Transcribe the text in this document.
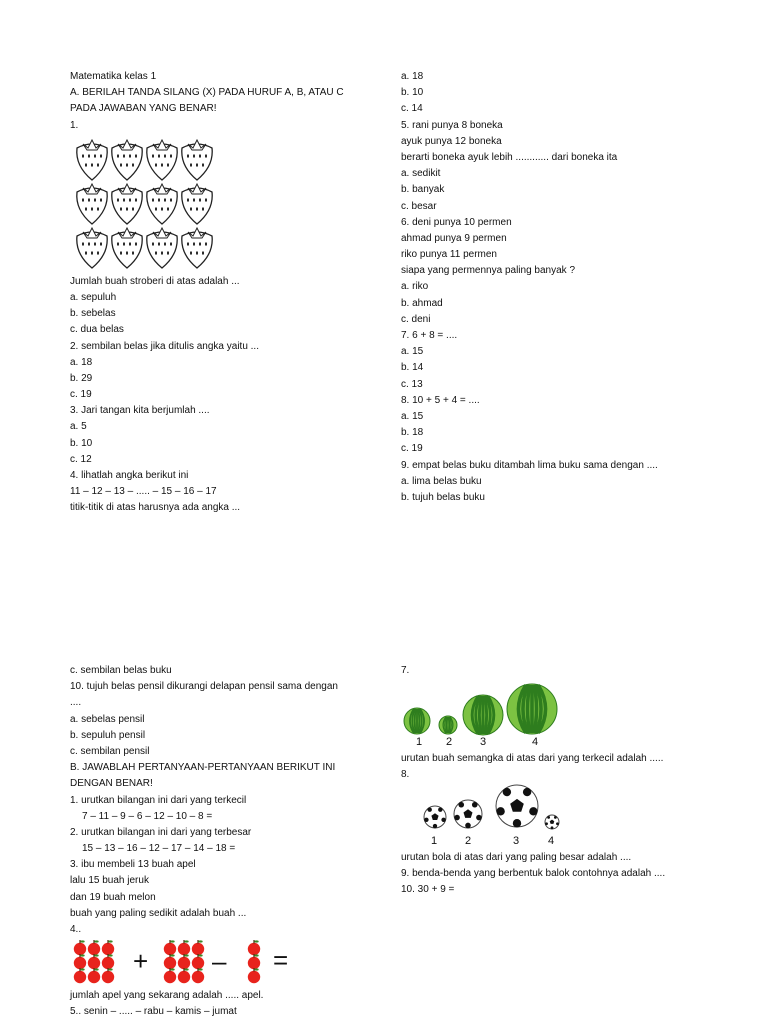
Matematika kelas 1
A. BERILAH TANDA SILANG (X) PADA HURUF A, B, ATAU C
PADA JAWABAN YANG BENAR!
1.
Jumlah buah stroberi di atas adalah ...
a. sepuluh
b. sebelas
c. dua belas
2. sembilan belas jika ditulis angka yaitu ...
a. 18
b. 29
c. 19
3. Jari tangan kita berjumlah ....
a. 5
b. 10
c. 12
4. lihatlah angka berikut ini
11 – 12 – 13 – ..... – 15 – 16 – 17
titik-titik di atas harusnya ada angka ...
a. 18
b. 10
c. 14
5. rani punya 8 boneka
ayuk punya 12 boneka
berarti boneka ayuk lebih ............ dari boneka ita
a. sedikit
b. banyak
c. besar
6. deni punya 10 permen
ahmad punya 9 permen
riko punya 11 permen
siapa yang permennya paling banyak ?
a. riko
b. ahmad
c. deni
7. 6 + 8 = ....
a. 15
b. 14
c. 13
8. 10 + 5 + 4 = ....
a. 15
b. 18
c. 19
9. empat belas buku ditambah lima buku sama dengan ....
a. lima belas buku
b. tujuh belas buku
c. sembilan belas buku
10. tujuh belas pensil dikurangi delapan pensil sama dengan
....
a. sebelas pensil
b. sepuluh pensil
c. sembilan pensil
B. JAWABLAH PERTANYAAN-PERTANYAAN BERIKUT INI
DENGAN BENAR!
1. urutkan bilangan ini dari yang terkecil
7 – 11 – 9 – 6 – 12 – 10 – 8 =
2. urutkan bilangan ini dari yang terbesar
15 – 13 – 16 – 12 – 17 – 14 – 18 =
3. ibu membeli 13 buah apel
lalu 15 buah jeruk
dan 19 buah melon
buah yang paling sedikit adalah buah ...
4..
+ – =
jumlah apel yang sekarang adalah ..... apel.
5.. senin – ..... – rabu – kamis – jumat
7.
1 2	3	4
urutan buah semangka di atas dari yang terkecil adalah .....
8.
1	2	3	4
urutan bola di atas dari yang paling besar adalah ....
9. benda-benda yang berbentuk balok contohnya adalah ....
10. 30 + 9 =
